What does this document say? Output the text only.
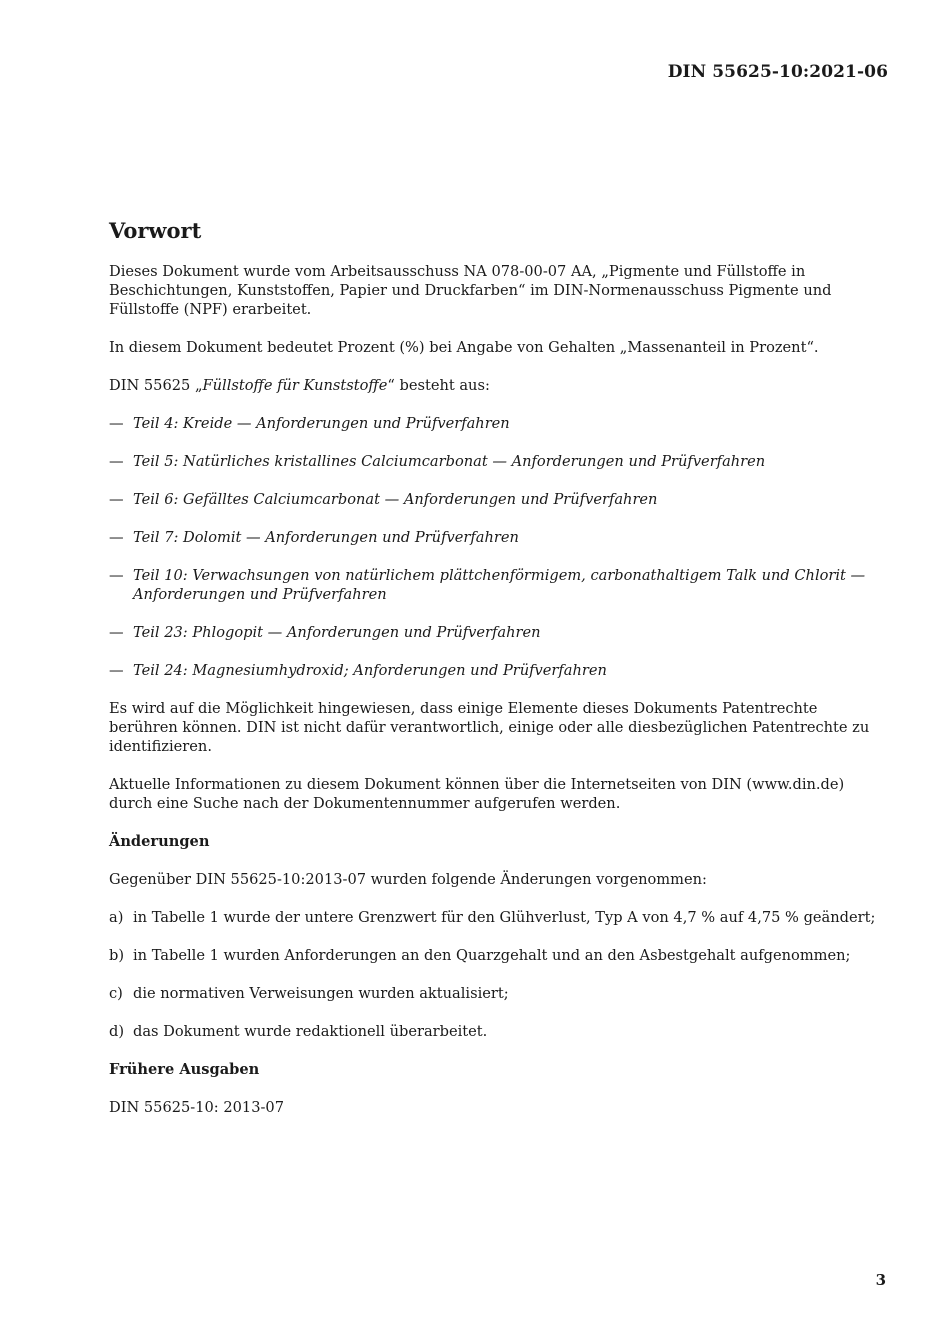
DIN 55625-10:2021-06

Vorwort

Dieses Dokument wurde vom Arbeitsausschuss NA 078-00-07 AA, „Pigmente und Füllstoffe in Beschichtungen, Kunststoffen, Papier und Druckfarben“ im DIN-Normenausschuss Pigmente und Füllstoffe (NPF) erarbeitet.

In diesem Dokument bedeutet Prozent (%) bei Angabe von Gehalten „Massenanteil in Prozent“.

DIN 55625 „Füllstoffe für Kunststoffe“ besteht aus:

— Teil 4: Kreide — Anforderungen und Prüfverfahren
— Teil 5: Natürliches kristallines Calciumcarbonat — Anforderungen und Prüfverfahren
— Teil 6: Gefälltes Calciumcarbonat — Anforderungen und Prüfverfahren
— Teil 7: Dolomit — Anforderungen und Prüfverfahren
— Teil 10: Verwachsungen von natürlichem plättchenförmigem, carbonathaltigem Talk und Chlorit — Anforderungen und Prüfverfahren
— Teil 23: Phlogopit — Anforderungen und Prüfverfahren
— Teil 24: Magnesiumhydroxid; Anforderungen und Prüfverfahren

Es wird auf die Möglichkeit hingewiesen, dass einige Elemente dieses Dokuments Patentrechte berühren können. DIN ist nicht dafür verantwortlich, einige oder alle diesbezüglichen Patentrechte zu identifizieren.

Aktuelle Informationen zu diesem Dokument können über die Internetseiten von DIN (www.din.de) durch eine Suche nach der Dokumentennummer aufgerufen werden.

Änderungen

Gegenüber DIN 55625-10:2013-07 wurden folgende Änderungen vorgenommen:

a) in Tabelle 1 wurde der untere Grenzwert für den Glühverlust, Typ A von 4,7 % auf 4,75 % geändert;
b) in Tabelle 1 wurden Anforderungen an den Quarzgehalt und an den Asbestgehalt aufgenommen;
c) die normativen Verweisungen wurden aktualisiert;
d) das Dokument wurde redaktionell überarbeitet.

Frühere Ausgaben

DIN 55625-10: 2013-07

3
